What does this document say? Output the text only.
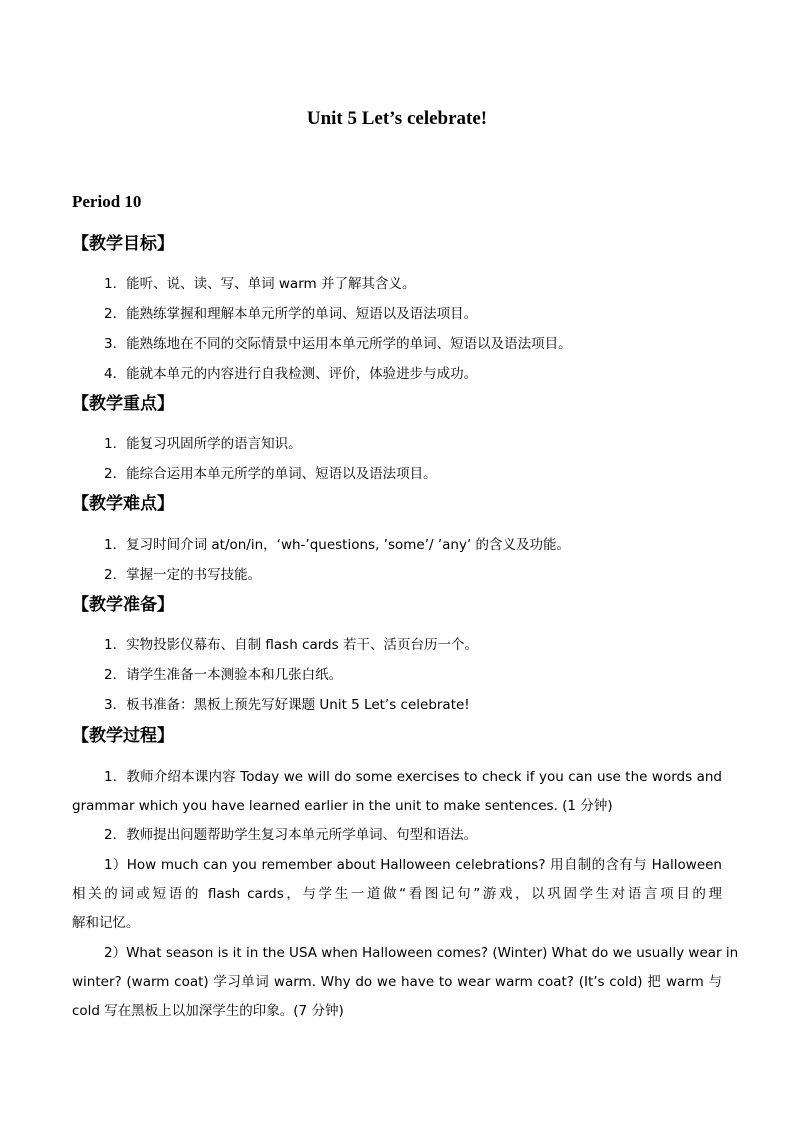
Unit 5 Let’s celebrate!
Period 10
【教学目标】
1．能听、说、读、写、单词 warm 并了解其含义。
2．能熟练掌握和理解本单元所学的单词、短语以及语法项目。
3．能熟练地在不同的交际情景中运用本单元所学的单词、短语以及语法项目。
4．能就本单元的内容进行自我检测、评价，体验进步与成功。
【教学重点】
1．能复习巩固所学的语言知识。
2．能综合运用本单元所学的单词、短语以及语法项目。
【教学难点】
1．复习时间介词 at/on/in，‘wh-’questions, ’some’/ ’any’ 的含义及功能。
2．掌握一定的书写技能。
【教学准备】
1．实物投影仪幕布、自制 flash cards 若干、活页台历一个。
2．请学生准备一本测验本和几张白纸。
3．板书准备：黑板上预先写好课题 Unit 5 Let’s celebrate!
【教学过程】
1．教师介绍本课内容 Today we will do some exercises to check if you can use the words and
grammar which you have learned earlier in the unit to make sentences. (1 分钟)
2．教师提出问题帮助学生复习本单元所学单词、句型和语法。
1）How much can you remember about Halloween celebrations? 用自制的含有与 Halloween
相关的词或短语的 flash cards，与学生一道做“看图记句”游戏，以巩固学生对语言项目的理
解和记忆。
2）What season is it in the USA when Halloween comes? (Winter) What do we usually wear in
winter? (warm coat) 学习单词 warm. Why do we have to wear warm coat? (It’s cold) 把 warm 与
cold 写在黑板上以加深学生的印象。(7 分钟)
